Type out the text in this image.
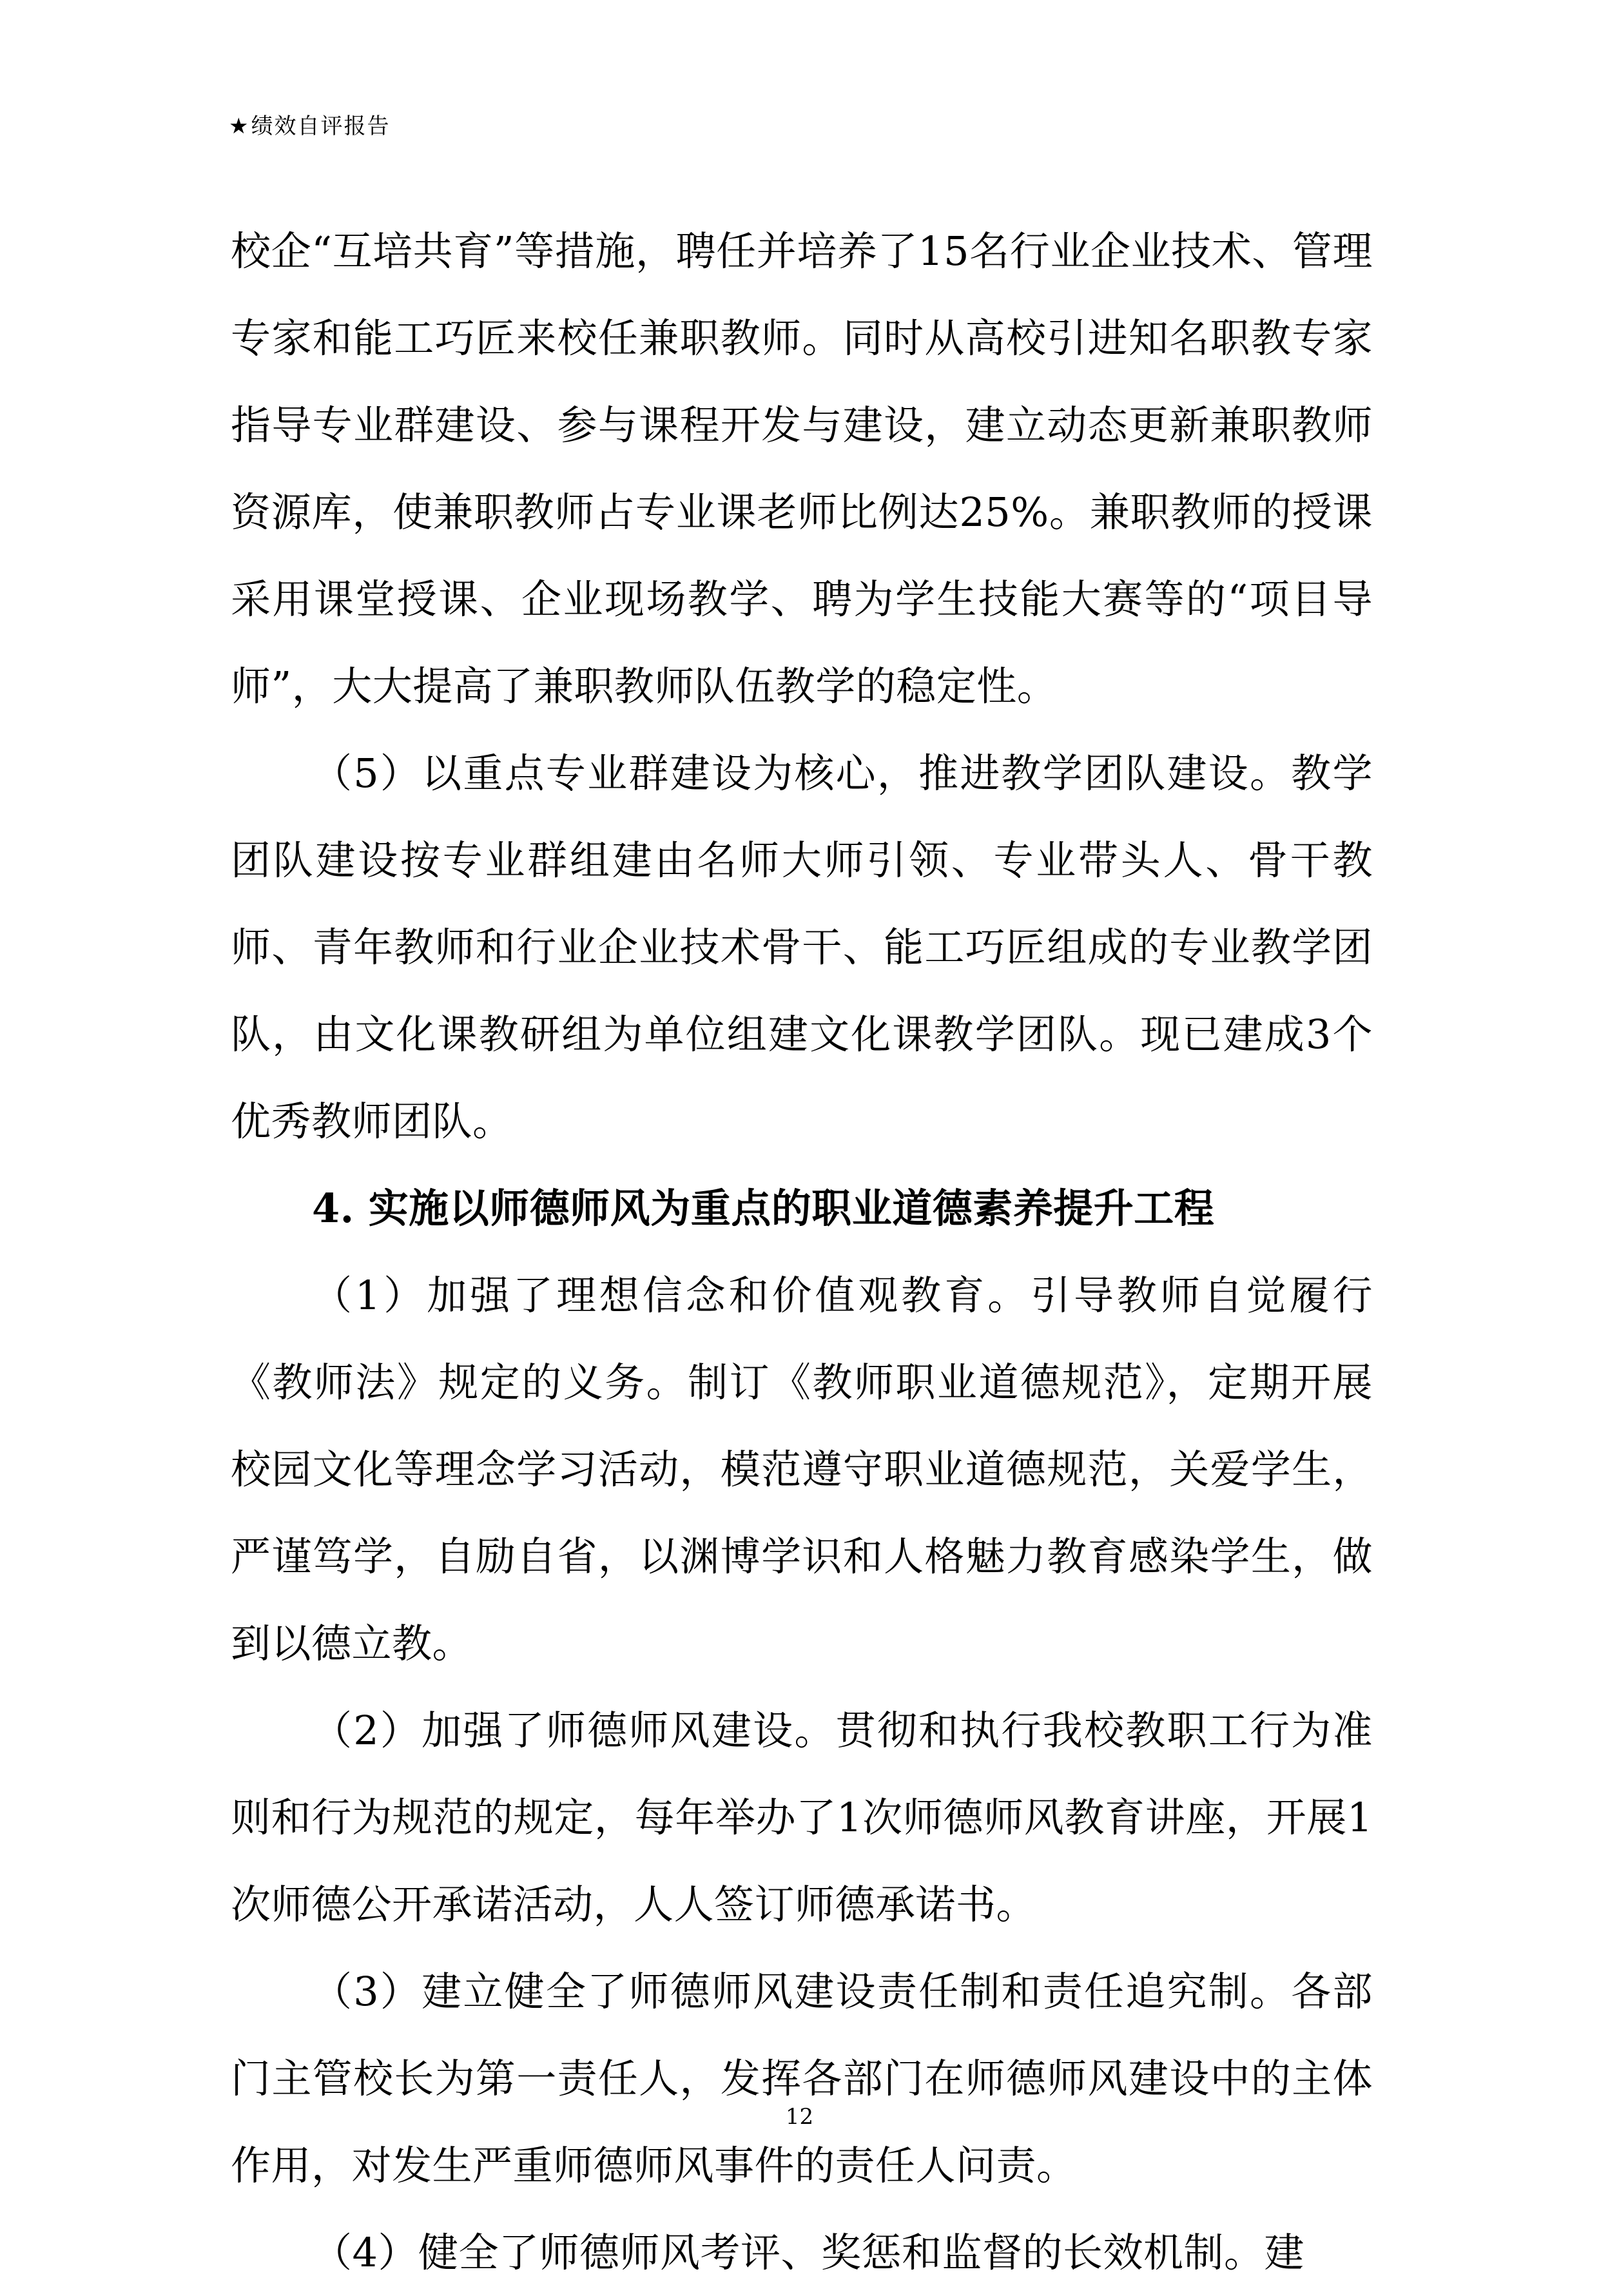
★绩效自评报告

校企“互培共育”等措施，聘任并培养了15名行业企业技术、管理专家和能工巧匠来校任兼职教师。同时从高校引进知名职教专家指导专业群建设、参与课程开发与建设，建立动态更新兼职教师资源库，使兼职教师占专业课老师比例达25%。兼职教师的授课采用课堂授课、企业现场教学、聘为学生技能大赛等的“项目导师”，大大提高了兼职教师队伍教学的稳定性。

（5）以重点专业群建设为核心，推进教学团队建设。教学团队建设按专业群组建由名师大师引领、专业带头人、骨干教师、青年教师和行业企业技术骨干、能工巧匠组成的专业教学团队，由文化课教研组为单位组建文化课教学团队。现已建成3个优秀教师团队。

4. 实施以师德师风为重点的职业道德素养提升工程

（1）加强了理想信念和价值观教育。引导教师自觉履行《教师法》规定的义务。制订《教师职业道德规范》，定期开展校园文化等理念学习活动，模范遵守职业道德规范，关爱学生，严谨笃学，自励自省，以渊博学识和人格魅力教育感染学生，做到以德立教。

（2）加强了师德师风建设。贯彻和执行我校教职工行为准则和行为规范的规定，每年举办了1次师德师风教育讲座，开展1次师德公开承诺活动，人人签订师德承诺书。

（3）建立健全了师德师风建设责任制和责任追究制。各部门主管校长为第一责任人，发挥各部门在师德师风建设中的主体作用，对发生严重师德师风事件的责任人问责。

（4）健全了师德师风考评、奖惩和监督的长效机制。建

12
